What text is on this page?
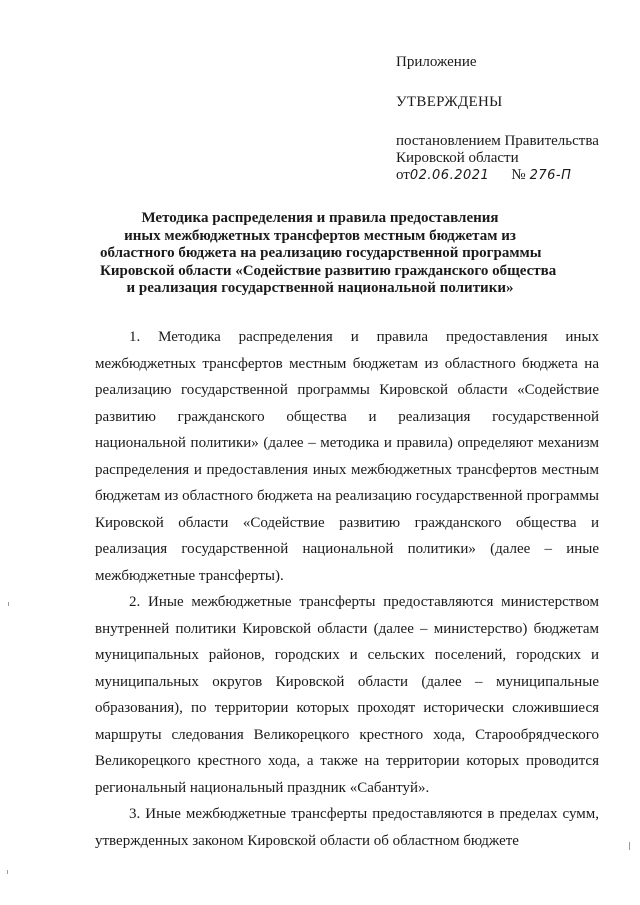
Приложение

УТВЕРЖДЕНЫ

постановлением Правительства

Кировской области

от 02.06.2021 № 276-П
Методика распределения и правила предоставления
иных межбюджетных трансфертов местным бюджетам из
областного бюджета на реализацию государственной программы
Кировской области «Содействие развитию гражданского общества
и реализация государственной национальной политики»

1. Методика распределения и правила предоставления иных межбюджетных трансфертов местным бюджетам из областного бюджета на реализацию государственной программы Кировской области «Содействие развитию гражданского общества и реализация государственной национальной политики» (далее – методика и правила) определяют механизм распределения и предоставления иных межбюджетных трансфертов местным бюджетам из областного бюджета на реализацию государственной программы Кировской области «Содействие развитию гражданского общества и реализация государственной национальной политики» (далее – иные межбюджетные трансферты).

2. Иные межбюджетные трансферты предоставляются министерством внутренней политики Кировской области (далее – министерство) бюджетам муниципальных районов, городских и сельских поселений, городских и муниципальных округов Кировской области (далее – муниципальные образования), по территории которых проходят исторически сложившиеся маршруты следования Великорецкого крестного хода, Старообрядческого Великорецкого крестного хода, а также на территории которых проводится региональный национальный праздник «Сабантуй».

3. Иные межбюджетные трансферты предоставляются в пределах сумм, утвержденных законом Кировской области об областном бюджете
